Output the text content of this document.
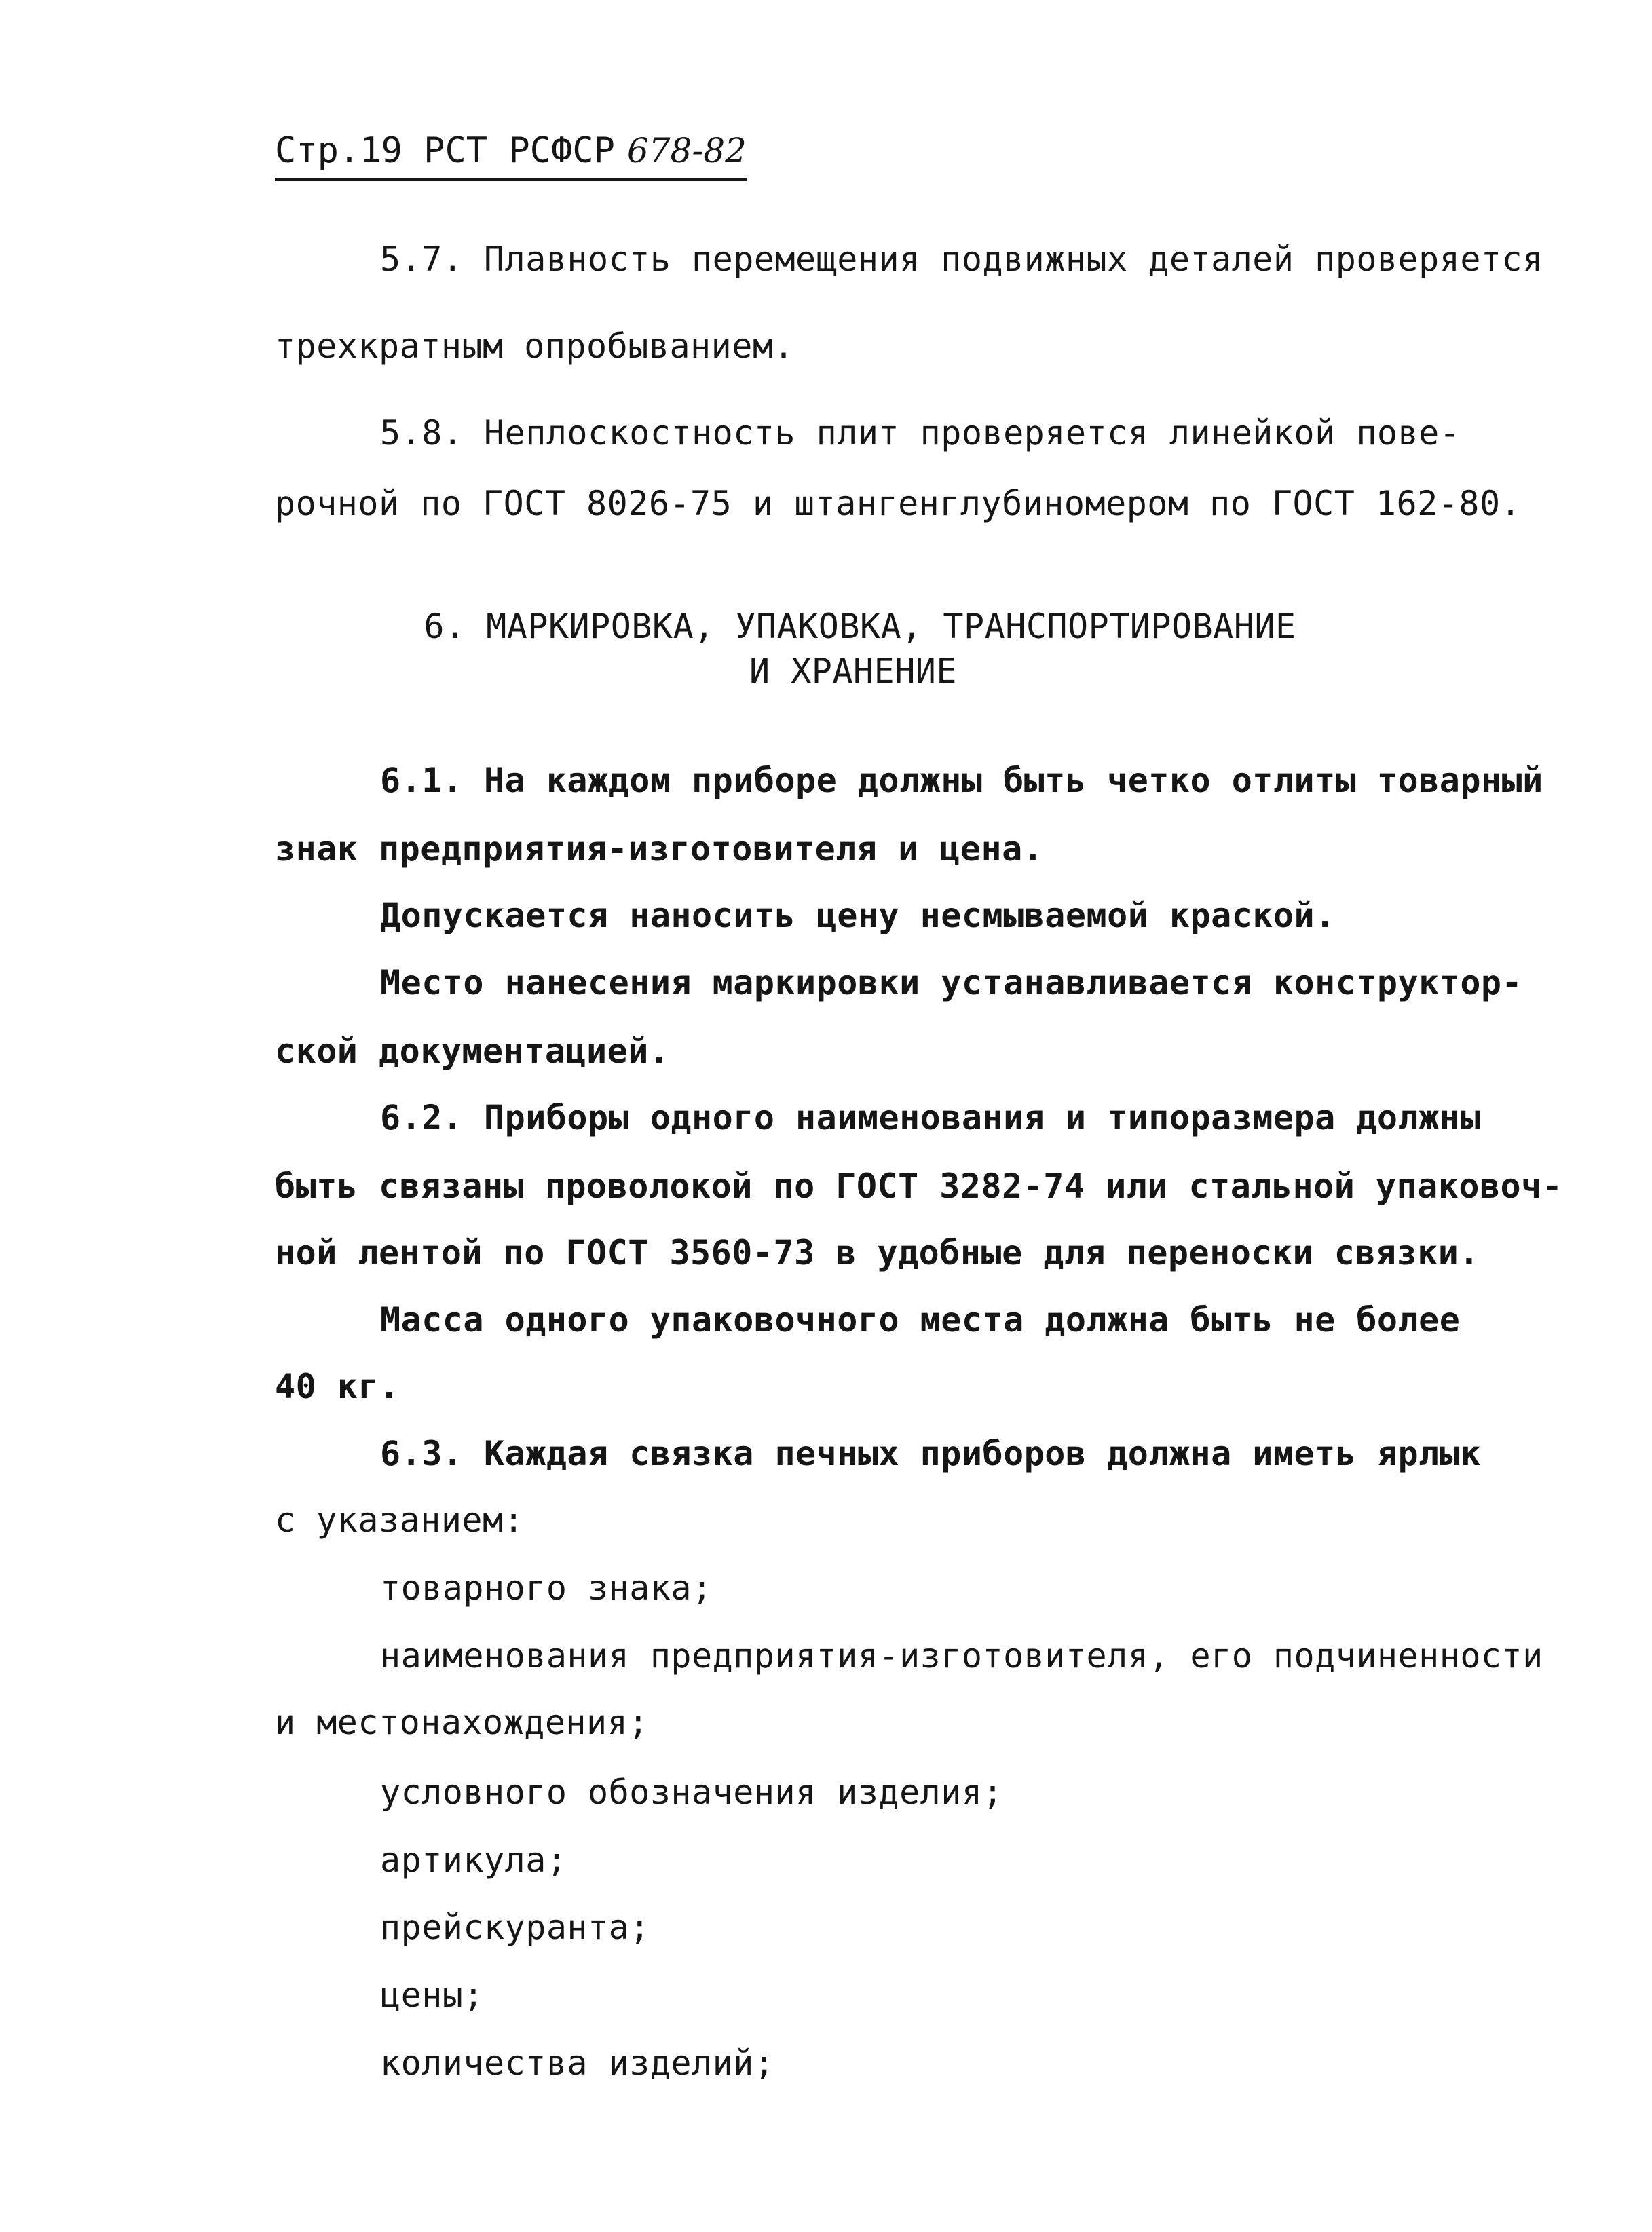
Стр.19 РСТ РСФСР 678-82
5.7. Плавность перемещения подвижных деталей проверяется
трехкратным опробыванием.
5.8. Неплоскостность плит проверяется линейкой пове-
рочной по ГОСТ 8026-75 и штангенглубиномером по ГОСТ 162-80.
6. МАРКИРОВКА, УПАКОВКА, ТРАНСПОРТИРОВАНИЕ
И ХРАНЕНИЕ
6.1. На каждом приборе должны быть четко отлиты товарный
знак предприятия-изготовителя и цена.
Допускается наносить цену несмываемой краской.
Место нанесения маркировки устанавливается конструктор-
ской документацией.
6.2. Приборы одного наименования и типоразмера должны
быть связаны проволокой по ГОСТ 3282-74 или стальной упаковоч-
ной лентой по ГОСТ 3560-73 в удобные для переноски связки.
Масса одного упаковочного места должна быть не более
40 кг.
6.3. Каждая связка печных приборов должна иметь ярлык
с указанием:
товарного знака;
наименования предприятия-изготовителя, его подчиненности
и местонахождения;
условного обозначения изделия;
артикула;
прейскуранта;
цены;
количества изделий;
